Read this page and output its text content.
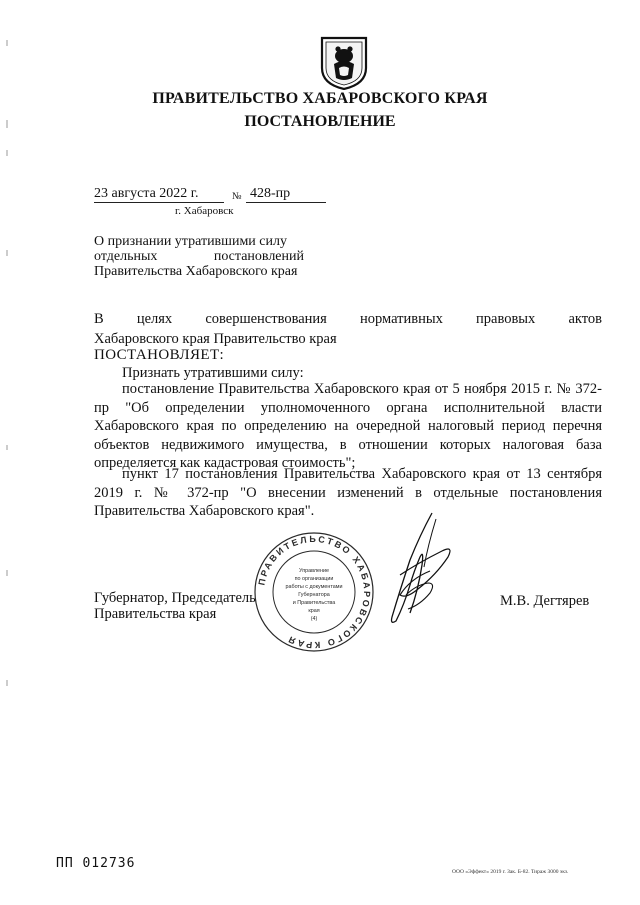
ПРАВИТЕЛЬСТВО ХАБАРОВСКОГО КРАЯ
ПОСТАНОВЛЕНИЕ
23 августа 2022 г.	№ 428-пр
г. Хабаровск
О признании утратившими силу
отдельных	постановлений
Правительства Хабаровского края
В целях совершенствования нормативных правовых актов
Хабаровского края Правительство края
ПОСТАНОВЛЯЕТ:
Признать утратившими силу:
постановление Правительства Хабаровского края от 5 ноября 2015 г. № 372-пр "Об определении уполномоченного органа исполнительной власти Хабаровского края по определению на очередной налоговый период перечня объектов недвижимого имущества, в отношении которых налоговая база определяется как кадастровая стоимость";
пункт 17 постановления Правительства Хабаровского края от 13 сентября 2019 г. № 372-пр "О внесении изменений в отдельные постановления Правительства Хабаровского края".
Губернатор, Председатель
Правительства края
М.В. Дегтярев
ПРАВИТЕЛЬСТВО ХАБАРОВСКОГО КРАЯ
Управление
по организации
работы с документами
Губернатора
и Правительства
края
(4)
ПП 012736
ООО «Эффект» 2019 г. Зак. Б-82. Тираж 3000 экз.
